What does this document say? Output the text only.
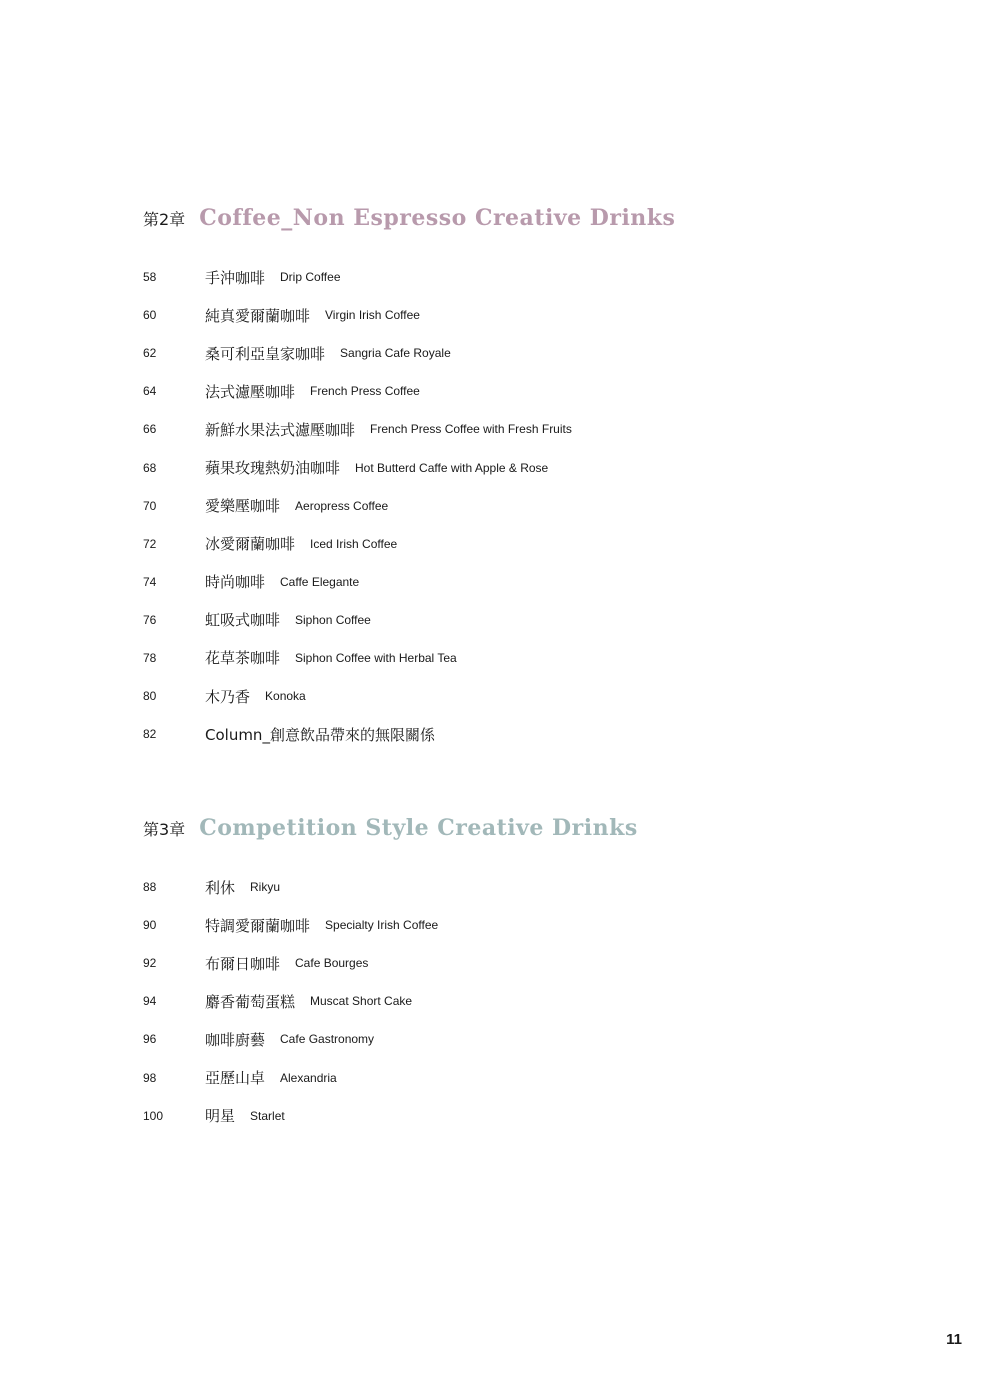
第2章 Coffee_Non Espresso Creative Drinks
58	手沖咖啡 Drip Coffee
60	純真愛爾蘭咖啡 Virgin Irish Coffee
62	桑可利亞皇家咖啡 Sangria Cafe Royale
64	法式濾壓咖啡 French Press Coffee
66	新鮮水果法式濾壓咖啡 French Press Coffee with Fresh Fruits
68	蘋果玫瑰熱奶油咖啡 Hot Butterd Caffe with Apple & Rose
70	愛樂壓咖啡 Aeropress Coffee
72	冰愛爾蘭咖啡 Iced Irish Coffee
74	時尚咖啡 Caffe Elegante
76	虹吸式咖啡 Siphon Coffee
78	花草茶咖啡 Siphon Coffee with Herbal Tea
80	木乃香 Konoka
82	Column_創意飲品帶來的無限關係
第3章 Competition Style Creative Drinks
88	利休 Rikyu
90	特調愛爾蘭咖啡 Specialty Irish Coffee
92	布爾日咖啡 Cafe Bourges
94	麝香葡萄蛋糕 Muscat Short Cake
96	咖啡廚藝 Cafe Gastronomy
98	亞歷山卓 Alexandria
100	明星 Starlet
11
